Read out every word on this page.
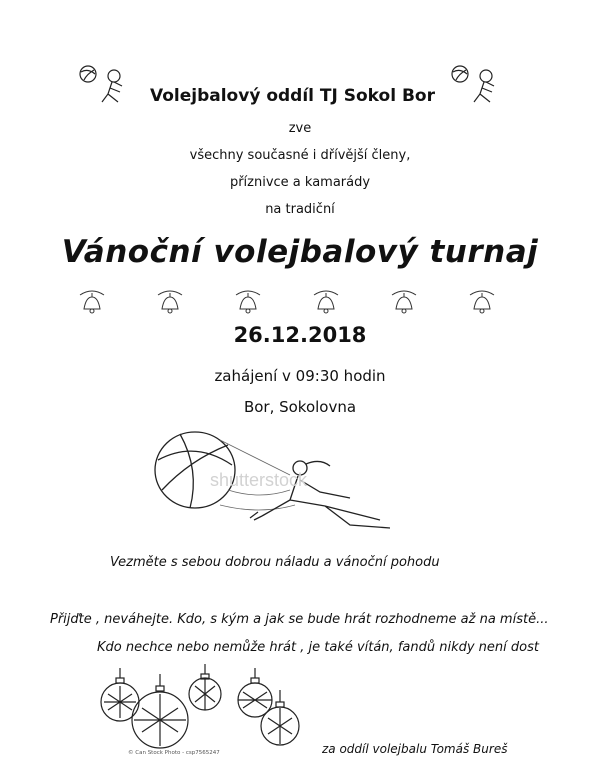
Volejbalový oddíl TJ Sokol Bor
zve
všechny současné i dřívější členy,
příznivce a kamarády
na tradiční
Vánoční volejbalový turnaj
26.12.2018
zahájení v 09:30 hodin
Bor, Sokolovna
shutterstock
Vezměte s sebou dobrou náladu a vánoční pohodu
Přijďte , neváhejte. Kdo, s kým a jak se bude hrát rozhodneme až na místě...
Kdo nechce nebo nemůže hrát , je také vítán, fandů nikdy není dost
© Can Stock Photo - csp7565247	za oddíl volejbalu Tomáš Bureš
